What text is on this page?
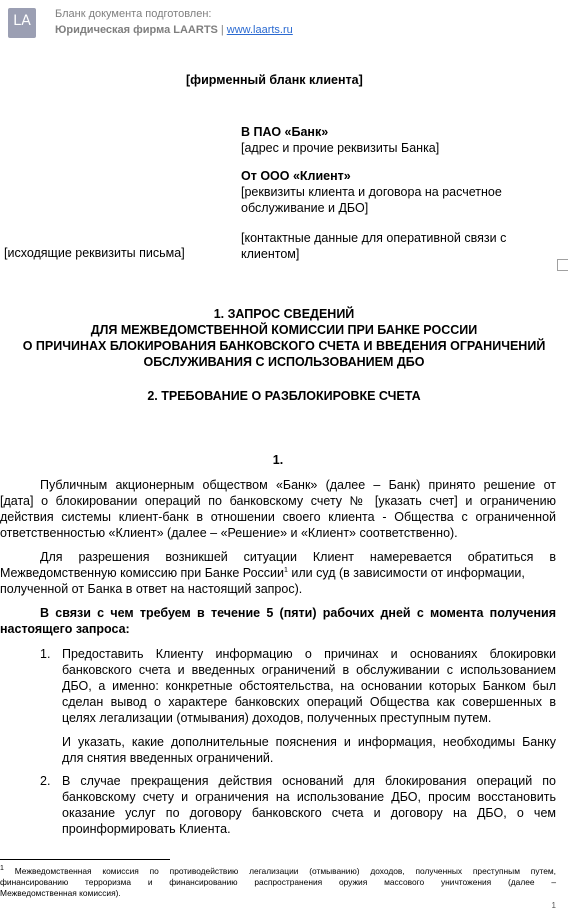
LA	Бланк документа подготовлен:
Юридическая фирма LAARTS | www.laarts.ru
[фирменный бланк клиента]
В ПАО «Банк»
[адрес и прочие реквизиты Банка]
От ООО «Клиент»
[реквизиты клиента и договора на расчетное
обслуживание и ДБО]
[контактные данные для оперативной связи с
клиентом]
[исходящие реквизиты письма]
1. ЗАПРОС СВЕДЕНИЙ
ДЛЯ МЕЖВЕДОМСТВЕННОЙ КОМИССИИ ПРИ БАНКЕ РОССИИ
О ПРИЧИНАХ БЛОКИРОВАНИЯ БАНКОВСКОГО СЧЕТА И ВВЕДЕНИЯ ОГРАНИЧЕНИЙ
ОБСЛУЖИВАНИЯ С ИСПОЛЬЗОВАНИЕМ ДБО
2. ТРЕБОВАНИЕ О РАЗБЛОКИРОВКЕ СЧЕТА
1.
Публичным акционерным обществом «Банк» (далее – Банк) принято решение от
[дата] о блокировании операций по банковскому счету № [указать счет] и ограничению
действия системы клиент-банк в отношении своего клиента - Общества с ограниченной
ответственностью «Клиент» (далее – «Решение» и «Клиент» соответственно).
Для разрешения возникшей ситуации Клиент намеревается обратиться в
Межведомственную комиссию при Банке России$^1$ или суд (в зависимости от информации,
полученной от Банка в ответ на настоящий запрос).
В связи с чем требуем в течение 5 (пяти) рабочих дней с момента получения
настоящего запроса:
1. Предоставить Клиенту информацию о причинах и основаниях блокировки
банковского счета и введенных ограничений в обслуживании с использованием
ДБО, а именно: конкретные обстоятельства, на основании которых Банком был
сделан вывод о характере банковских операций Общества как совершенных в
целях легализации (отмывания) доходов, полученных преступным путем.
И указать, какие дополнительные пояснения и информация, необходимы Банку
для снятия введенных ограничений.
2. В случае прекращения действия оснований для блокирования операций по
банковскому счету и ограничения на использование ДБО, просим восстановить
оказание услуг по договору банковского счета и договору на ДБО, о чем
проинформировать Клиента.
$^1$ Межведомственная комиссия по противодействию легализации (отмыванию) доходов, полученных преступным путем,
финансированию терроризма и финансированию распространения оружия массового уничтожения (далее –
Межведомственная комиссия).
1
